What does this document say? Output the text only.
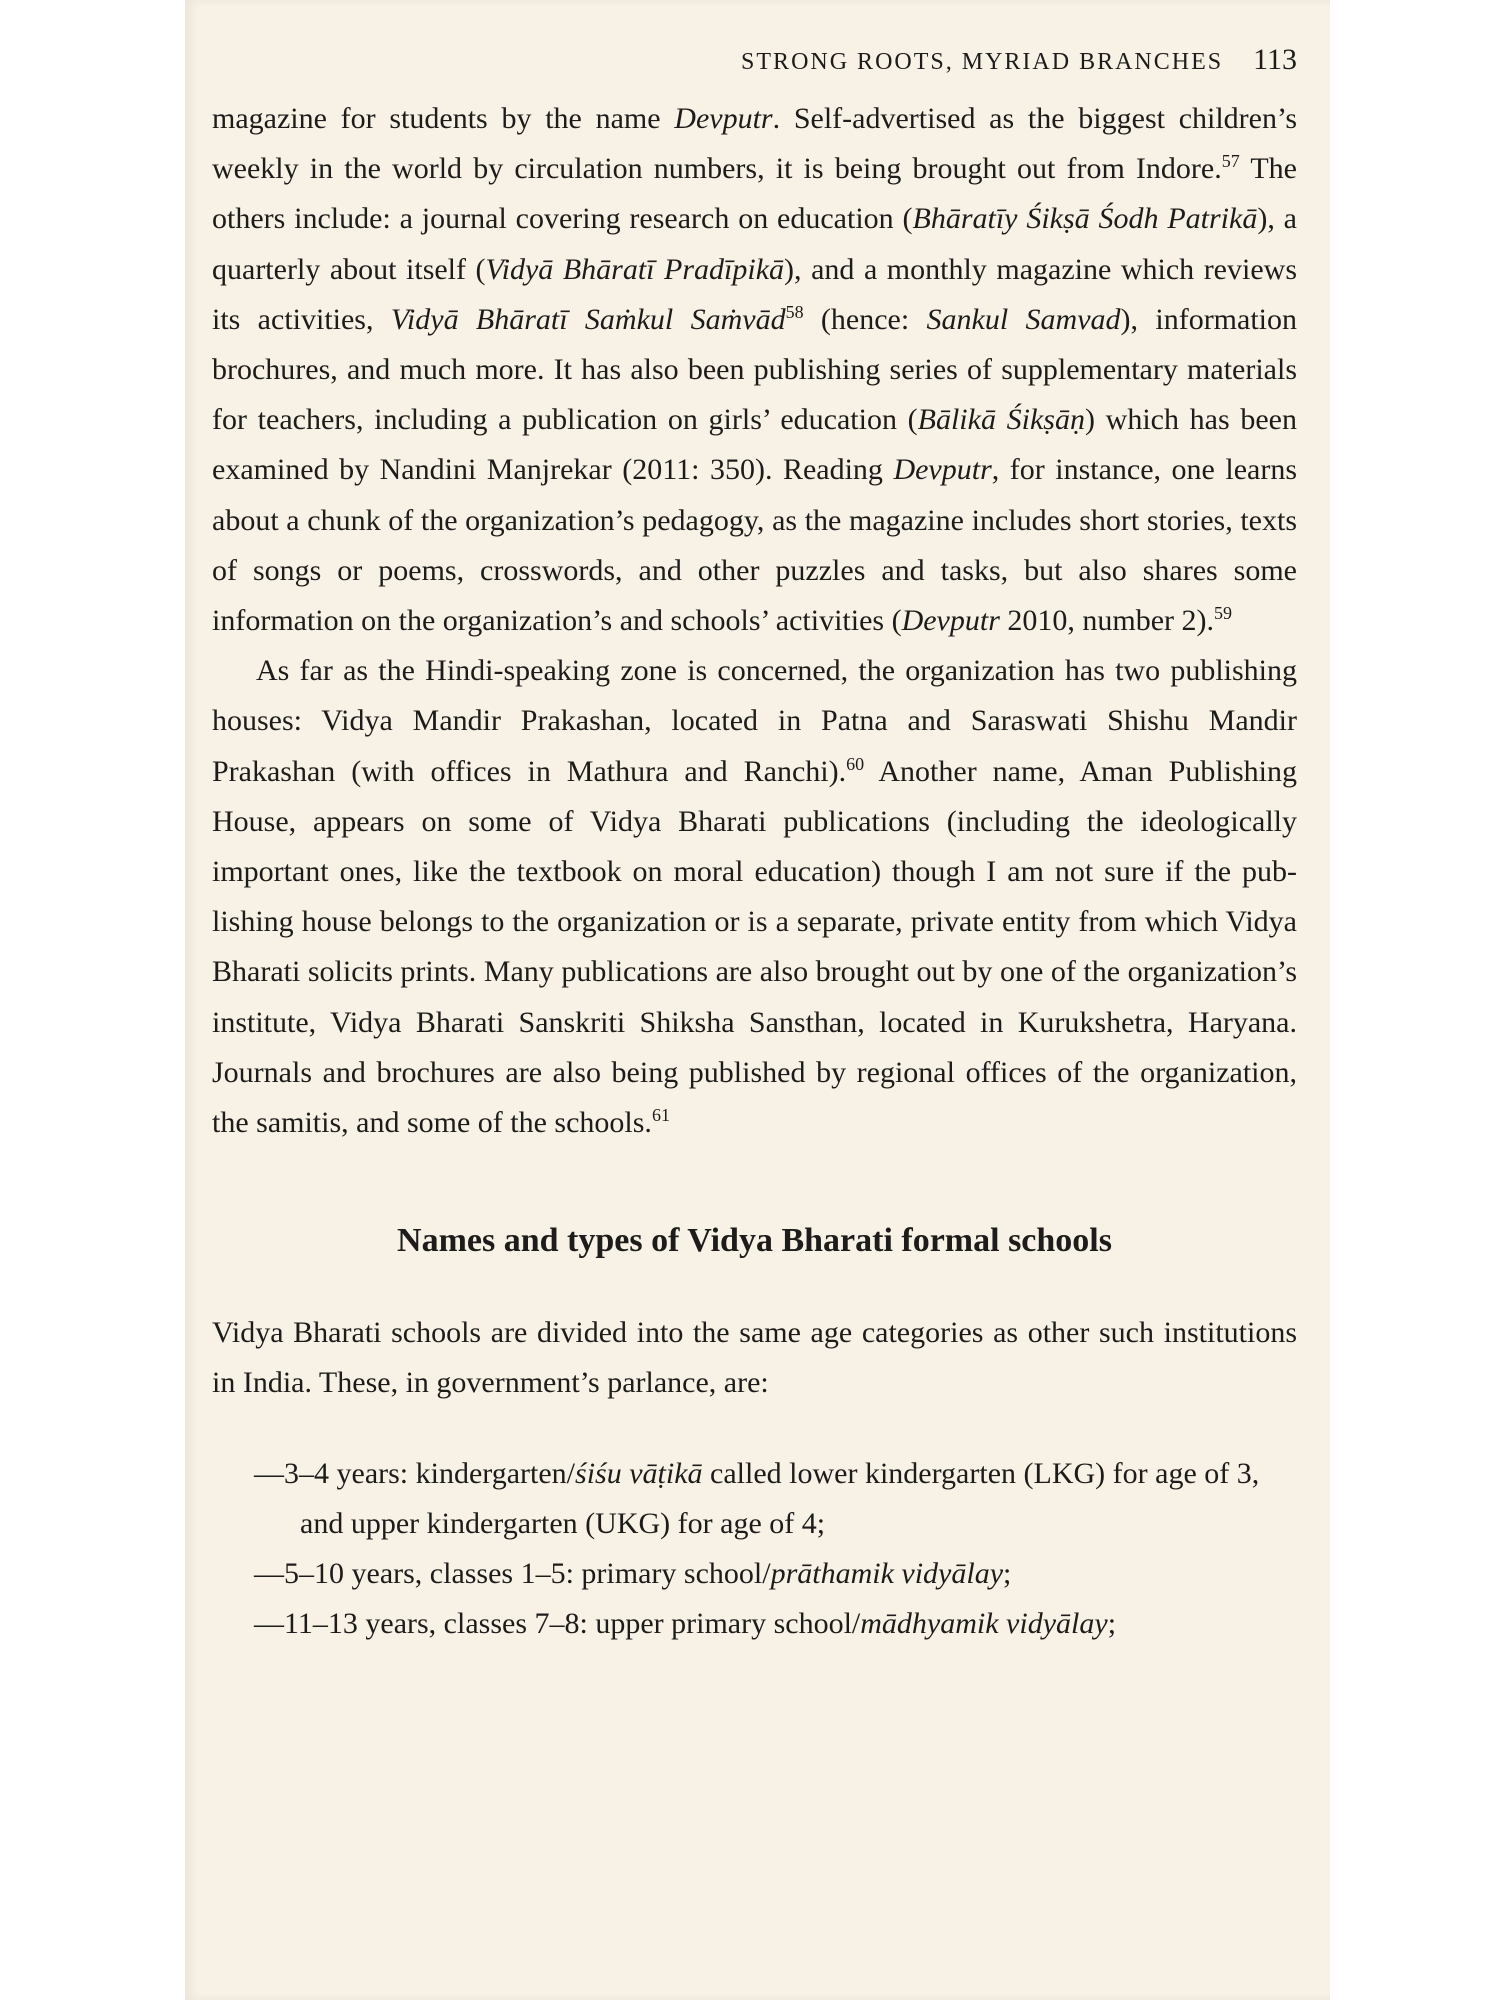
STRONG ROOTS, MYRIAD BRANCHES 113

magazine for students by the name Devputr. Self-advertised as the biggest children’s weekly in the world by circulation numbers, it is being brought out from Indore.$^{57}$ The others include: a journal covering research on education (Bhāratīy Śikṣā Śodh Patrikā), a quarterly about itself (Vidyā Bhāratī Pradīpikā), and a monthly magazine which reviews its activities, Vidyā Bhāratī Saṁkul Saṁvād$^{58}$ (hence: Sankul Samvad), information brochures, and much more. It has also been publishing series of supplementary materials for teachers, including a publication on girls’ education (Bālikā Śikṣāṇ) which has been examined by Nandini Manjrekar (2011: 350). Reading Devputr, for instance, one learns about a chunk of the organization’s pedagogy, as the magazine includes short stories, texts of songs or poems, crosswords, and other puzzles and tasks, but also shares some information on the organization’s and schools’ activities (Devputr 2010, number 2).$^{59}$

As far as the Hindi-speaking zone is concerned, the organization has two publishing houses: Vidya Mandir Prakashan, located in Patna and Saraswati Shishu Mandir Prakashan (with offices in Mathura and Ranchi).$^{60}$ Another name, Aman Publishing House, appears on some of Vidya Bharati publications (including the ideologically important ones, like the textbook on moral education) though I am not sure if the publishing house belongs to the organization or is a separate, private entity from which Vidya Bharati solicits prints. Many publications are also brought out by one of the organization’s institute, Vidya Bharati Sanskriti Shiksha Sansthan, located in Kurukshetra, Haryana. Journals and brochures are also being published by regional offices of the organization, the samitis, and some of the schools.$^{61}$

Names and types of Vidya Bharati formal schools

Vidya Bharati schools are divided into the same age categories as other such institutions in India. These, in government’s parlance, are:

—3–4 years: kindergarten/śiśu vāṭikā called lower kindergarten (LKG) for age of 3, and upper kindergarten (UKG) for age of 4;
—5–10 years, classes 1–5: primary school/prāthamik vidyālay;
—11–13 years, classes 7–8: upper primary school/mādhyamik vidyālay;
